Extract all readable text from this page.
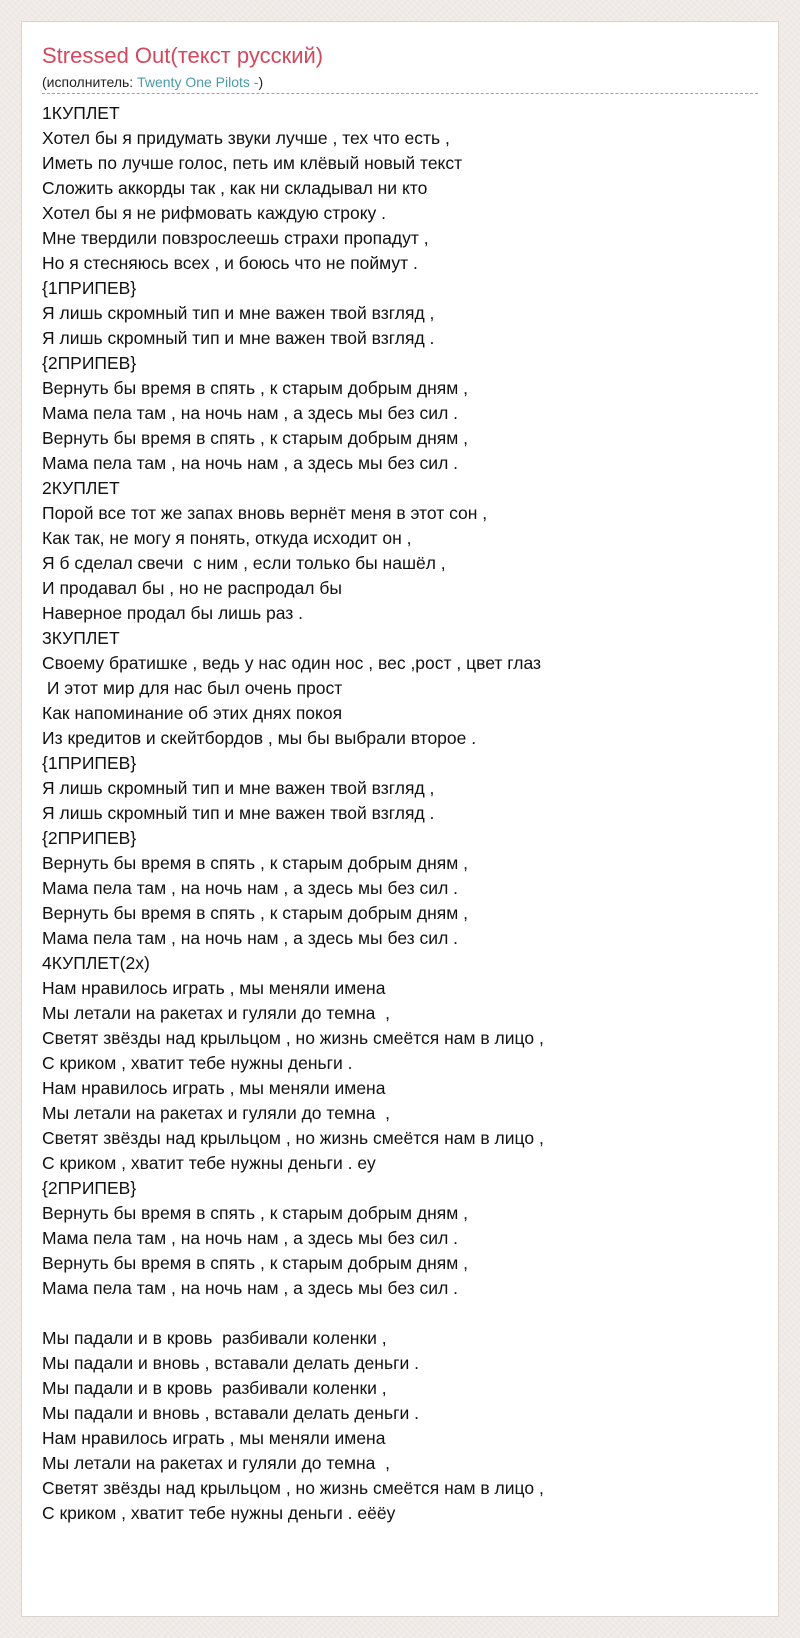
Stressed Out(текст русский)
(исполнитель: Twenty One Pilots -)
1КУПЛЕТ
Хотел бы я придумать звуки лучше , тех что есть ,
Иметь по лучше голос, петь им клёвый новый текст
Сложить аккорды так , как ни складывал ни кто
Хотел бы я не рифмовать каждую строку .
Мне твердили повзрослеешь страхи пропадут ,
Но я стесняюсь всех , и боюсь что не поймут .
{1ПРИПЕВ}
Я лишь скромный тип и мне важен твой взгляд ,
Я лишь скромный тип и мне важен твой взгляд .
{2ПРИПЕВ}
Вернуть бы время в спять , к старым добрым дням ,
Мама пела там , на ночь нам , а здесь мы без сил .
Вернуть бы время в спять , к старым добрым дням ,
Мама пела там , на ночь нам , а здесь мы без сил .
2КУПЛЕТ
Порой все тот же запах вновь вернёт меня в этот сон ,
Как так, не могу я понять, откуда исходит он ,
Я б сделал свечи  с ним , если только бы нашёл ,
И продавал бы , но не распродал бы
Наверное продал бы лишь раз .
3КУПЛЕТ
Своему братишке , ведь у нас один нос , вес ,рост , цвет глаз
И этот мир для нас был очень прост
Как напоминание об этих днях покоя
Из кредитов и скейтбордов , мы бы выбрали второе .
{1ПРИПЕВ}
Я лишь скромный тип и мне важен твой взгляд ,
Я лишь скромный тип и мне важен твой взгляд .
{2ПРИПЕВ}
Вернуть бы время в спять , к старым добрым дням ,
Мама пела там , на ночь нам , а здесь мы без сил .
Вернуть бы время в спять , к старым добрым дням ,
Мама пела там , на ночь нам , а здесь мы без сил .
4КУПЛЕТ(2х)
Нам нравилось играть , мы меняли имена
Мы летали на ракетах и гуляли до темна  ,
Светят звёзды над крыльцом , но жизнь смеётся нам в лицо ,
С криком , хватит тебе нужны деньги .
Нам нравилось играть , мы меняли имена
Мы летали на ракетах и гуляли до темна  ,
Светят звёзды над крыльцом , но жизнь смеётся нам в лицо ,
С криком , хватит тебе нужны деньги . еу
{2ПРИПЕВ}
Вернуть бы время в спять , к старым добрым дням ,
Мама пела там , на ночь нам , а здесь мы без сил .
Вернуть бы время в спять , к старым добрым дням ,
Мама пела там , на ночь нам , а здесь мы без сил .
Мы падали и в кровь  разбивали коленки ,
Мы падали и вновь , вставали делать деньги .
Мы падали и в кровь  разбивали коленки ,
Мы падали и вновь , вставали делать деньги .
Нам нравилось играть , мы меняли имена
Мы летали на ракетах и гуляли до темна  ,
Светят звёзды над крыльцом , но жизнь смеётся нам в лицо ,
С криком , хватит тебе нужны деньги . еёёу
